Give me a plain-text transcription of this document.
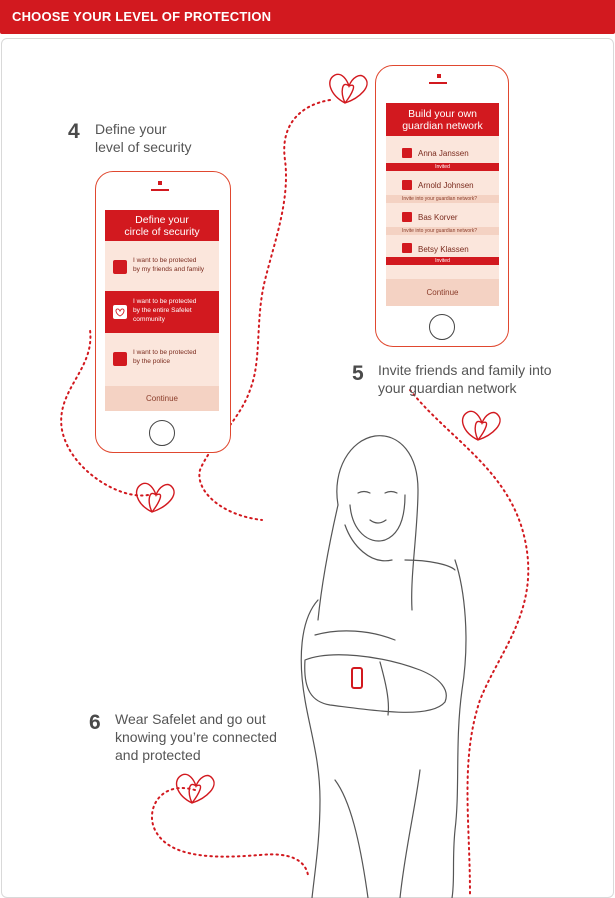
CHOOSE YOUR LEVEL OF PROTECTION
4 Define your
level of security
5 Invite friends and family into
your guardian network
6 Wear Safelet and go out
knowing you’re connected
and protected
Define your
circle of security
I want to be protected
by my friends and family
I want to be protected
by the entire Safelet
community
I want to be protected
by the police
Continue
Build your own
guardian network
Anna Janssen
Invited
Arnold Johnsen
Invite into your guardian network?
Bas Korver
Invite into your guardian network?
Betsy Klassen
Invited
Continue
